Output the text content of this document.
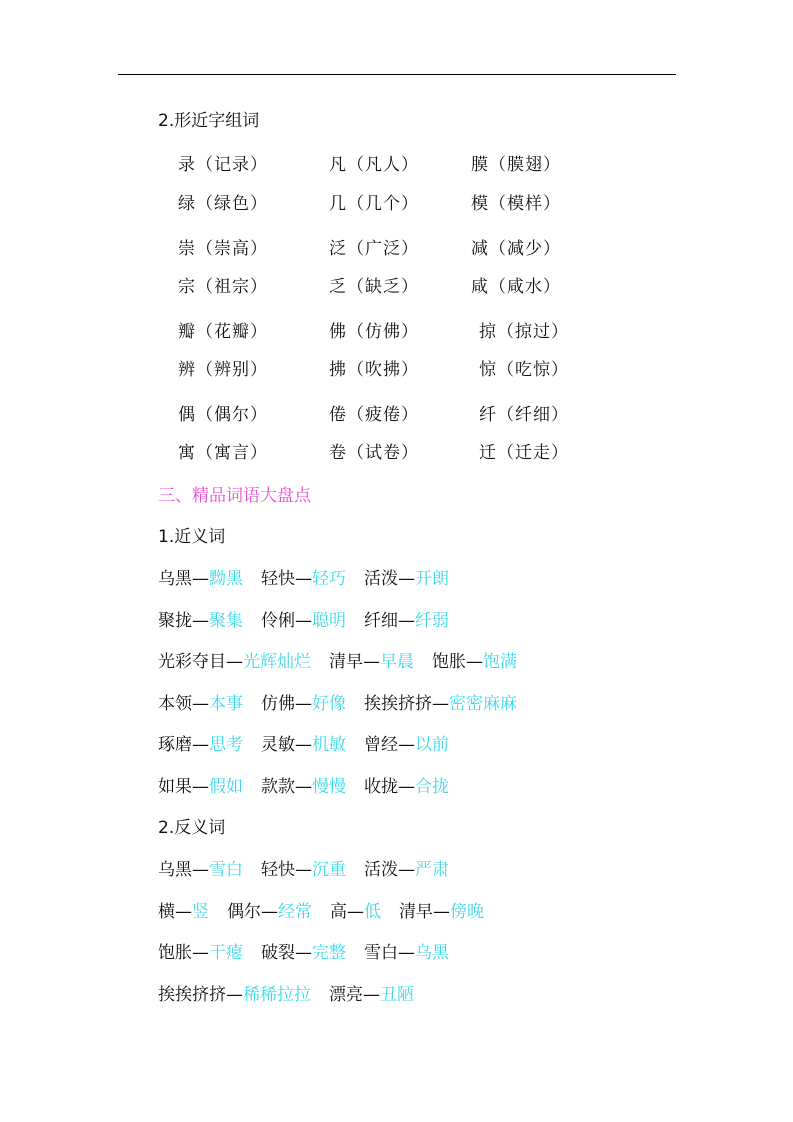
2.形近字组词
录（记录）	凡（凡人）	膜（膜翅）
绿（绿色）	几（几个）	模（模样）
崇（崇高）	泛（广泛）	减（减少）
宗（祖宗）	乏（缺乏）	咸（咸水）
瓣（花瓣）	佛（仿佛）	掠（掠过）
辨（辨别）	拂（吹拂）	惊（吃惊）
偶（偶尔）	倦（疲倦）	纤（纤细）
寓（寓言）	卷（试卷）	迁（迁走）
三、精品词语大盘点
1.近义词
乌黑—黝黑 轻快—轻巧 活泼—开朗
聚拢—聚集 伶俐—聪明 纤细—纤弱
光彩夺目—光辉灿烂 清早—早晨 饱胀—饱满
本领—本事 仿佛—好像 挨挨挤挤—密密麻麻
琢磨—思考 灵敏—机敏 曾经—以前
如果—假如 款款—慢慢 收拢—合拢
2.反义词
乌黑—雪白 轻快—沉重 活泼—严肃
横—竖 偶尔—经常 高—低 清早—傍晚
饱胀—干瘪 破裂—完整 雪白—乌黑
挨挨挤挤—稀稀拉拉 漂亮—丑陋
